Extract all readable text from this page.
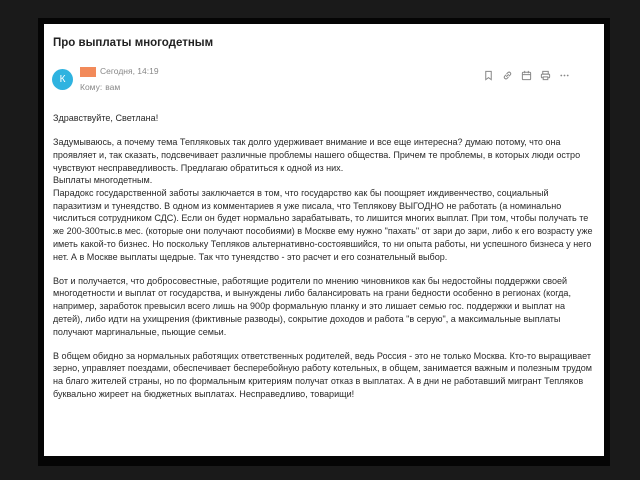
Про выплаты многодетным
К
Сегодня, 14:19
Кому: вам

Здравствуйте, Светлана!

Задумываюсь, а почему тема Тепляковых так долго удерживает внимание и все еще интересна? думаю потому, что она проявляет и, так сказать, подсвечивает различные проблемы нашего общества. Причем те проблемы, в которых люди остро чувствуют несправедливость. Предлагаю обратиться к одной из них.

Выплаты многодетным.

Парадокс государственной заботы заключается в том, что государство как бы поощряет иждивенчество, социальный паразитизм и тунеядство. В одном из комментариев я уже писала, что Теплякову ВЫГОДНО не работать (а номинально числиться сотрудником СДС). Если он будет нормально зарабатывать, то лишится многих выплат. При том, чтобы получать те же 200-300тыс.в мес. (которые они получают пособиями) в Москве ему нужно "пахать" от зари до зари, либо к его возрасту уже иметь какой-то бизнес. Но поскольку Тепляков альтернативно-состоявшийся, то ни опыта работы, ни успешного бизнеса у него нет. А в Москве выплаты щедрые. Так что тунеядство - это расчет и его сознательный выбор.

Вот и получается, что добросовестные, работящие родители по мнению чиновников как бы недостойны поддержки своей многодетности и выплат от государства, и вынуждены либо балансировать на грани бедности особенно в регионах (когда, например, заработок превысил всего лишь на 900р формальную планку и это лишает семью гос. поддержки и выплат на детей), либо идти на ухищрения (фиктивные разводы), сокрытие доходов и работа "в серую", а максимальные выплаты получают маргинальные, пьющие семьи.

В общем обидно за нормальных работящих ответственных родителей, ведь Россия - это не только Москва. Кто-то выращивает зерно, управляет поездами, обеспечивает бесперебойную работу котельных, в общем, занимается важным и полезным трудом на благо жителей страны, но по формальным критериям получат отказ в выплатах. А в дни не работавший мигрант Тепляков буквально жиреет на бюджетных выплатах. Несправедливо, товарищи!
